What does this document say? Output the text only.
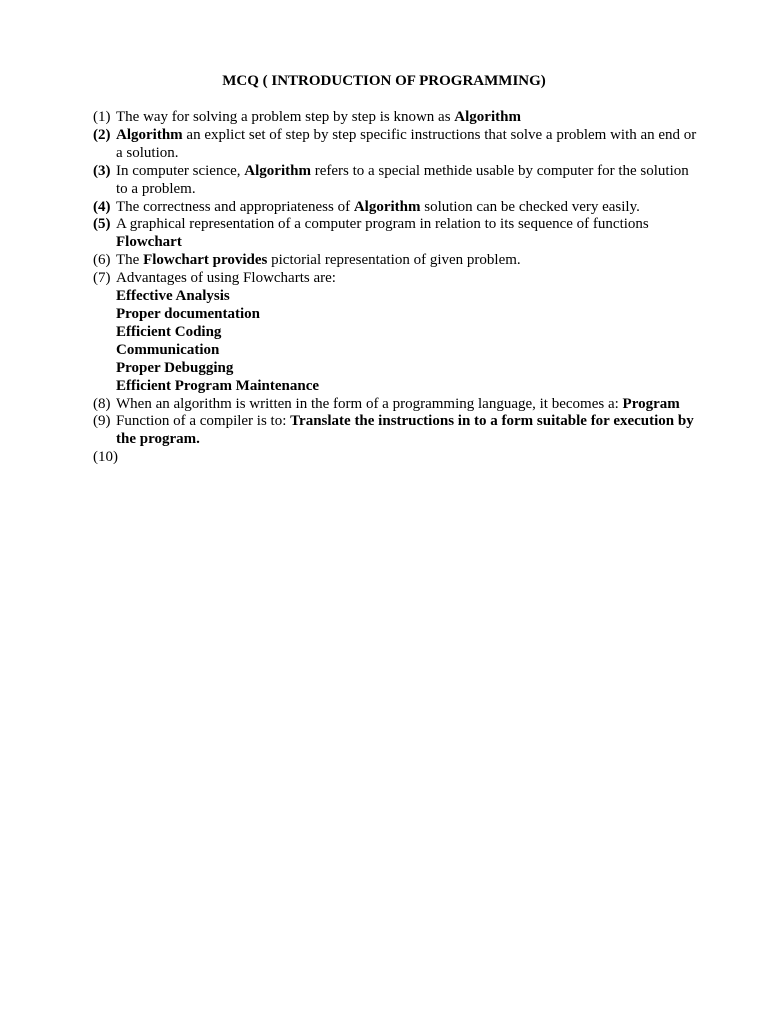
MCQ ( INTRODUCTION OF PROGRAMMING)

(1) The way for solving a problem step by step is known as Algorithm
(2) Algorithm an explict set of step by step specific instructions that solve a problem with an end or a solution.
(3) In computer science, Algorithm refers to a special methide usable by computer for the solution to a problem.
(4) The correctness and appropriateness of Algorithm solution can be checked very easily.
(5) A graphical representation of a computer program in relation to its sequence of functions
Flowchart
(6) The Flowchart provides pictorial representation of given problem.
(7) Advantages of using Flowcharts are:
Effective Analysis
Proper documentation
Efficient Coding
Communication
Proper Debugging
Efficient Program Maintenance
(8) When an algorithm is written in the form of a programming language, it becomes a: Program
(9) Function of a compiler is to: Translate the instructions in to a form suitable for execution by the program.
(10)
